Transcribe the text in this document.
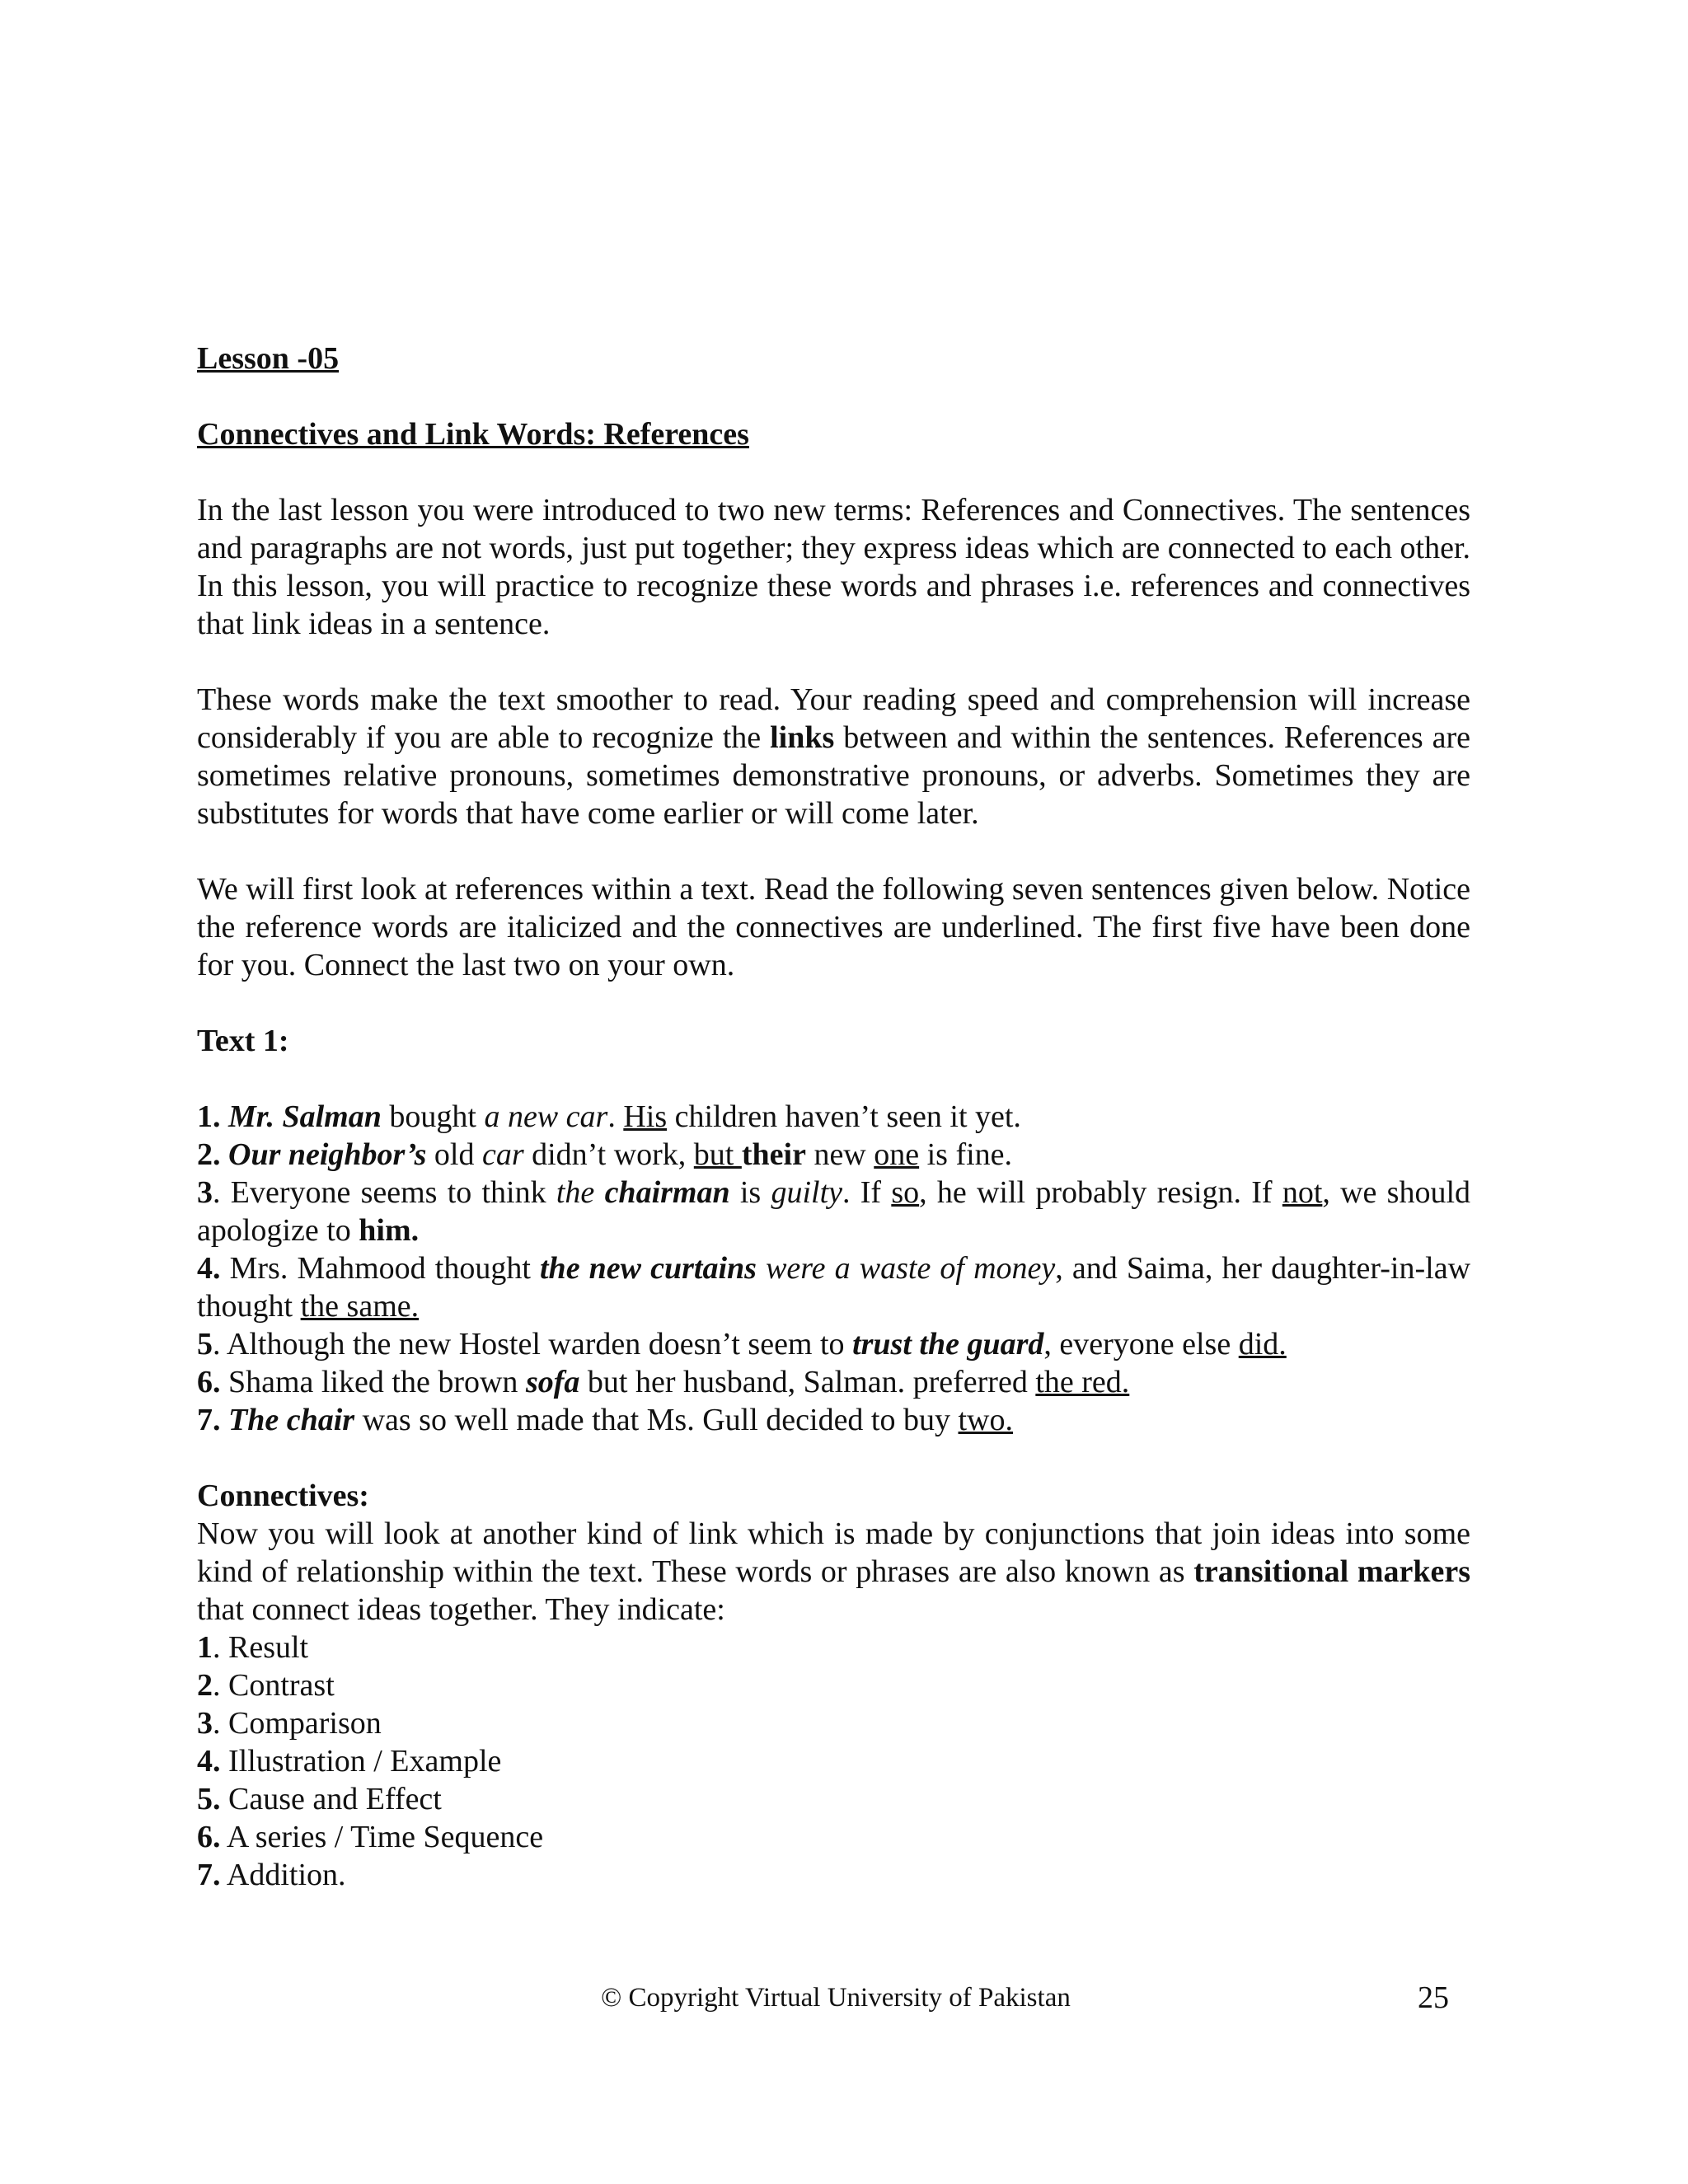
Lesson -05
Connectives and Link Words: References

In the last lesson you were introduced to two new terms: References and Connectives. The sentences and paragraphs are not words, just put together; they express ideas which are connected to each other. In this lesson, you will practice to recognize these words and phrases i.e. references and connectives that link ideas in a sentence.

These words make the text smoother to read. Your reading speed and comprehension will increase considerably if you are able to recognize the links between and within the sentences. References are sometimes relative pronouns, sometimes demonstrative pronouns, or adverbs. Sometimes they are substitutes for words that have come earlier or will come later.

We will first look at references within a text. Read the following seven sentences given below. Notice the reference words are italicized and the connectives are underlined. The first five have been done for you. Connect the last two on your own.

Text 1:
1. Mr. Salman bought a new car. His children haven’t seen it yet.
2. Our neighbor’s old car didn’t work, but their new one is fine.
3. Everyone seems to think the chairman is guilty. If so, he will probably resign. If not, we should apologize to him.
4. Mrs. Mahmood thought the new curtains were a waste of money, and Saima, her daughter-in-law thought the same.
5. Although the new Hostel warden doesn’t seem to trust the guard, everyone else did.
6. Shama liked the brown sofa but her husband, Salman. preferred the red.
7. The chair was so well made that Ms. Gull decided to buy two.
Connectives:
Now you will look at another kind of link which is made by conjunctions that join ideas into some kind of relationship within the text. These words or phrases are also known as transitional markers that connect ideas together. They indicate:
1. Result
2. Contrast
3. Comparison
4. Illustration / Example
5. Cause and Effect
6. A series / Time Sequence
7. Addition.
© Copyright Virtual University of Pakistan	25
